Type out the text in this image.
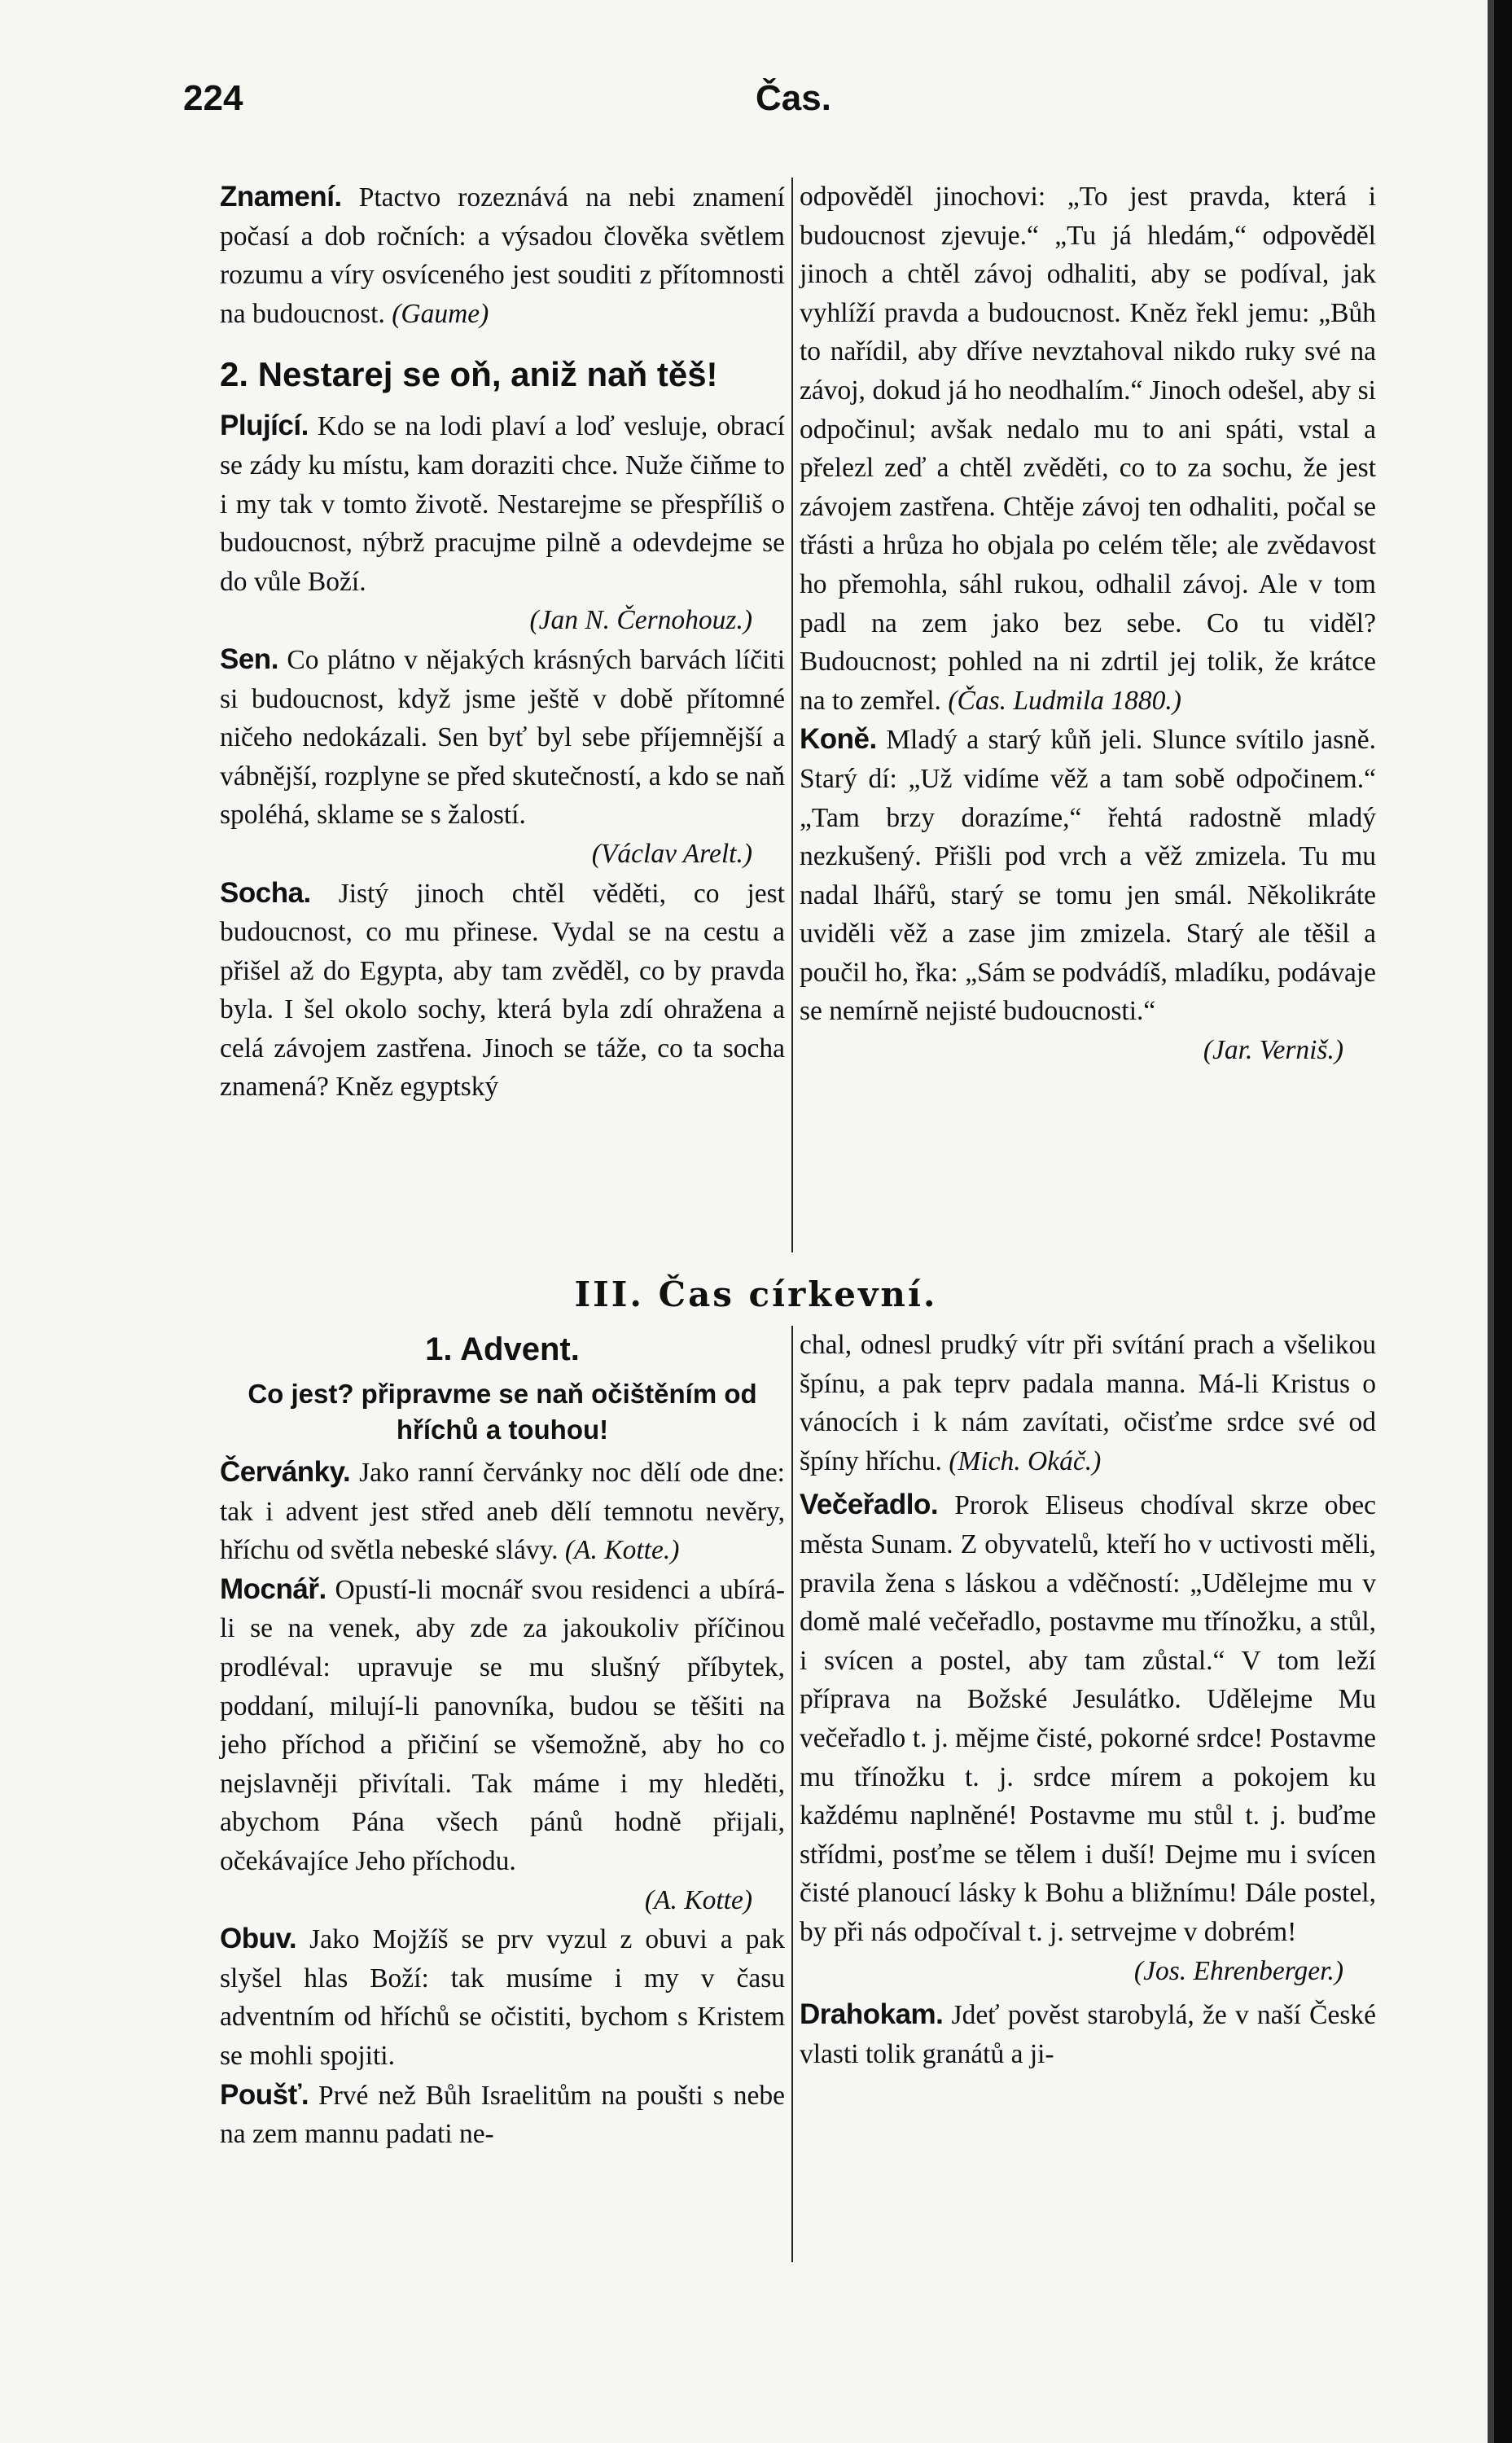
224	Čas.

Znamení. Ptactvo rozeznává na nebi znamení počasí a dob ročních: a výsadou člověka světlem rozumu a víry osvíceného jest souditi z přítomnosti na budoucnost. (Gaume)

2. Nestarej se oň, aniž naň těš!

Plující. Kdo se na lodi plaví a loď vesluje, obrací se zády ku místu, kam doraziti chce. Nuže čiňme to i my tak v tomto životě. Nestarejme se přespříliš o budoucnost, nýbrž pracujme pilně a odevdejme se do vůle Boží.

(Jan N. Černohouz.)

Sen. Co plátno v nějakých krásných barvách líčiti si budoucnost, když jsme ještě v době přítomné ničeho nedokázali. Sen byť byl sebe příjemnější a vábnější, rozplyne se před skutečností, a kdo se naň spoléhá, sklame se s žalostí.

(Václav Arelt.)

Socha. Jistý jinoch chtěl věděti, co jest budoucnost, co mu přinese. Vydal se na cestu a přišel až do Egypta, aby tam zvěděl, co by pravda byla. I šel okolo sochy, která byla zdí ohražena a celá závojem zastřena. Jinoch se táže, co ta socha znamená? Kněz egyptský

odpověděl jinochovi: „To jest pravda, která i budoucnost zjevuje.“ „Tu já hledám,“ odpověděl jinoch a chtěl závoj odhaliti, aby se podíval, jak vyhlíží pravda a budoucnost. Kněz řekl jemu: „Bůh to nařídil, aby dříve nevztahoval nikdo ruky své na závoj, dokud já ho neodhalím.“ Jinoch odešel, aby si odpočinul; avšak nedalo mu to ani spáti, vstal a přelezl zeď a chtěl zvěděti, co to za sochu, že jest závojem zastřena. Chtěje závoj ten odhaliti, počal se třásti a hrůza ho objala po celém těle; ale zvědavost ho přemohla, sáhl rukou, odhalil závoj. Ale v tom padl na zem jako bez sebe. Co tu viděl? Budoucnost; pohled na ni zdrtil jej tolik, že krátce na to zemřel. (Čas. Ludmila 1880.)

Koně. Mladý a starý kůň jeli. Slunce svítilo jasně. Starý dí: „Už vidíme věž a tam sobě odpočinem.“ „Tam brzy dorazíme,“ řehtá radostně mladý nezkušený. Přišli pod vrch a věž zmizela. Tu mu nadal lhářů, starý se tomu jen smál. Několikráte uviděli věž a zase jim zmizela. Starý ale těšil a poučil ho, řka: „Sám se podvádíš, mladíku, podávaje se nemírně nejisté budoucnosti.“

(Jar. Verniš.)

III. Čas církevní.

1. Advent.

Co jest? připravme se naň očištěním od hříchů a touhou!

Červánky. Jako ranní červánky noc dělí ode dne: tak i advent jest střed aneb dělí temnotu nevěry, hříchu od světla nebeské slávy. (A. Kotte.)

Mocnář. Opustí-li mocnář svou residenci a ubírá-li se na venek, aby zde za jakoukoliv příčinou prodléval: upravuje se mu slušný příbytek, poddaní, milují-li panovníka, budou se těšiti na jeho příchod a přičiní se všemožně, aby ho co nejslavněji přivítali. Tak máme i my hleděti, abychom Pána všech pánů hodně přijali, očekávajíce Jeho příchodu.

(A. Kotte)

Obuv. Jako Mojžíš se prv vyzul z obuvi a pak slyšel hlas Boží: tak musíme i my v času adventním od hříchů se očistiti, bychom s Kristem se mohli spojiti.

Poušť. Prvé než Bůh Israelitům na poušti s nebe na zem mannu padati ne-

chal, odnesl prudký vítr při svítání prach a všelikou špínu, a pak teprv padala manna. Má-li Kristus o vánocích i k nám zavítati, očisťme srdce své od špíny hříchu. (Mich. Okáč.)

Večeřadlo. Prorok Eliseus chodíval skrze obec města Sunam. Z obyvatelů, kteří ho v uctivosti měli, pravila žena s láskou a vděčností: „Udělejme mu v domě malé večeřadlo, postavme mu třínožku, a stůl, i svícen a postel, aby tam zůstal.“ V tom leží příprava na Božské Jesulátko. Udělejme Mu večeřadlo t. j. mějme čisté, pokorné srdce! Postavme mu třínožku t. j. srdce mírem a pokojem ku každému naplněné! Postavme mu stůl t. j. buďme střídmi, posťme se tělem i duší! Dejme mu i svícen čisté planoucí lásky k Bohu a bližnímu! Dále postel, by při nás odpočíval t. j. setrvejme v dobrém!

(Jos. Ehrenberger.)

Drahokam. Jdeť pověst starobylá, že v naší České vlasti tolik granátů a ji-
